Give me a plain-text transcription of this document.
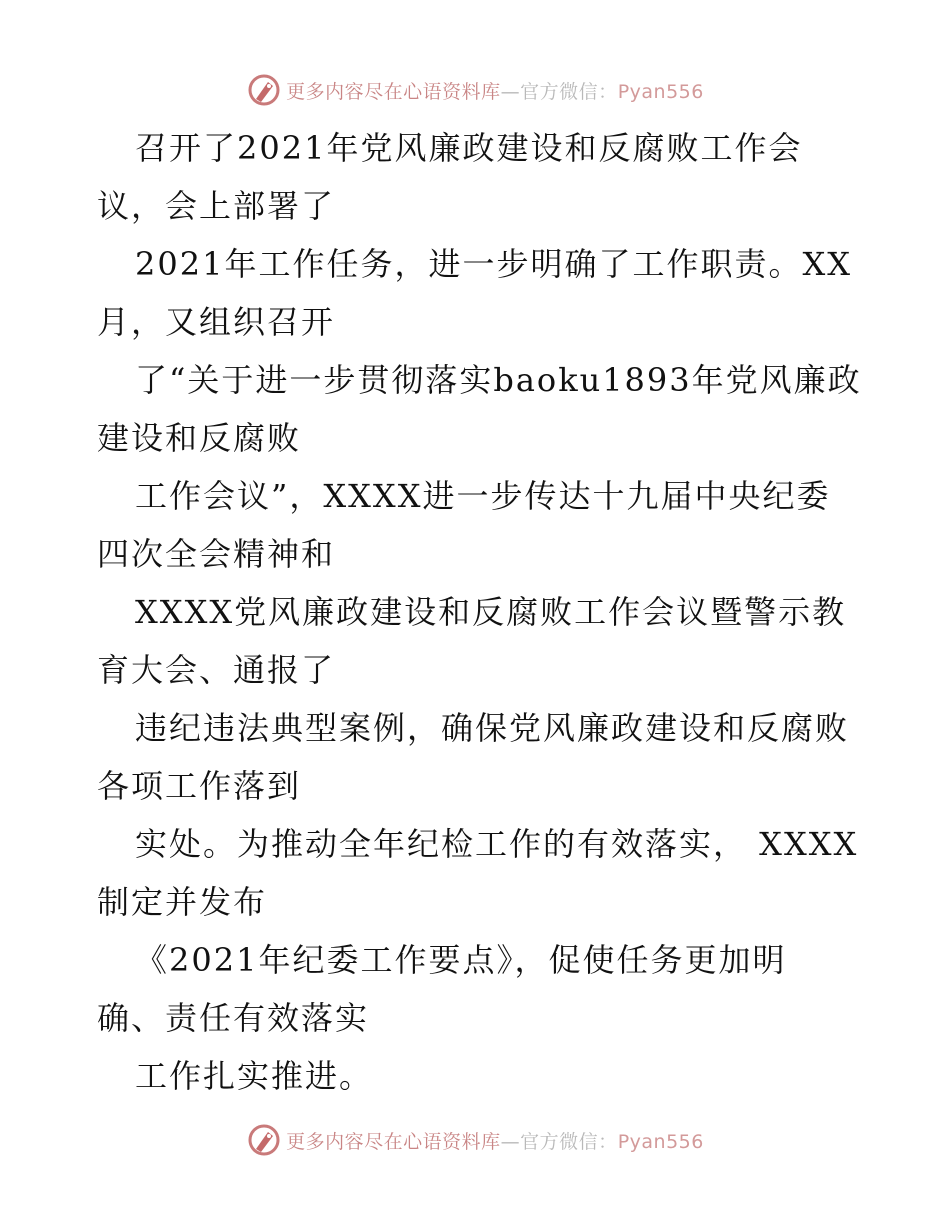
更多内容尽在心语资料库—官方微信：Pyan556
召开了2021年党风廉政建设和反腐败工作会
议，会上部署了
2021年工作任务，进一步明确了工作职责。XX
月，又组织召开
了“关于进一步贯彻落实baoku1893年党风廉政
建设和反腐败
工作会议”，XXXX进一步传达十九届中央纪委
四次全会精神和
XXXX党风廉政建设和反腐败工作会议暨警示教
育大会、通报了
违纪违法典型案例，确保党风廉政建设和反腐败
各项工作落到
实处。为推动全年纪检工作的有效落实， XXXX
制定并发布
《2021年纪委工作要点》，促使任务更加明
确、责任有效落实
工作扎实推进。
更多内容尽在心语资料库—官方微信：Pyan556
